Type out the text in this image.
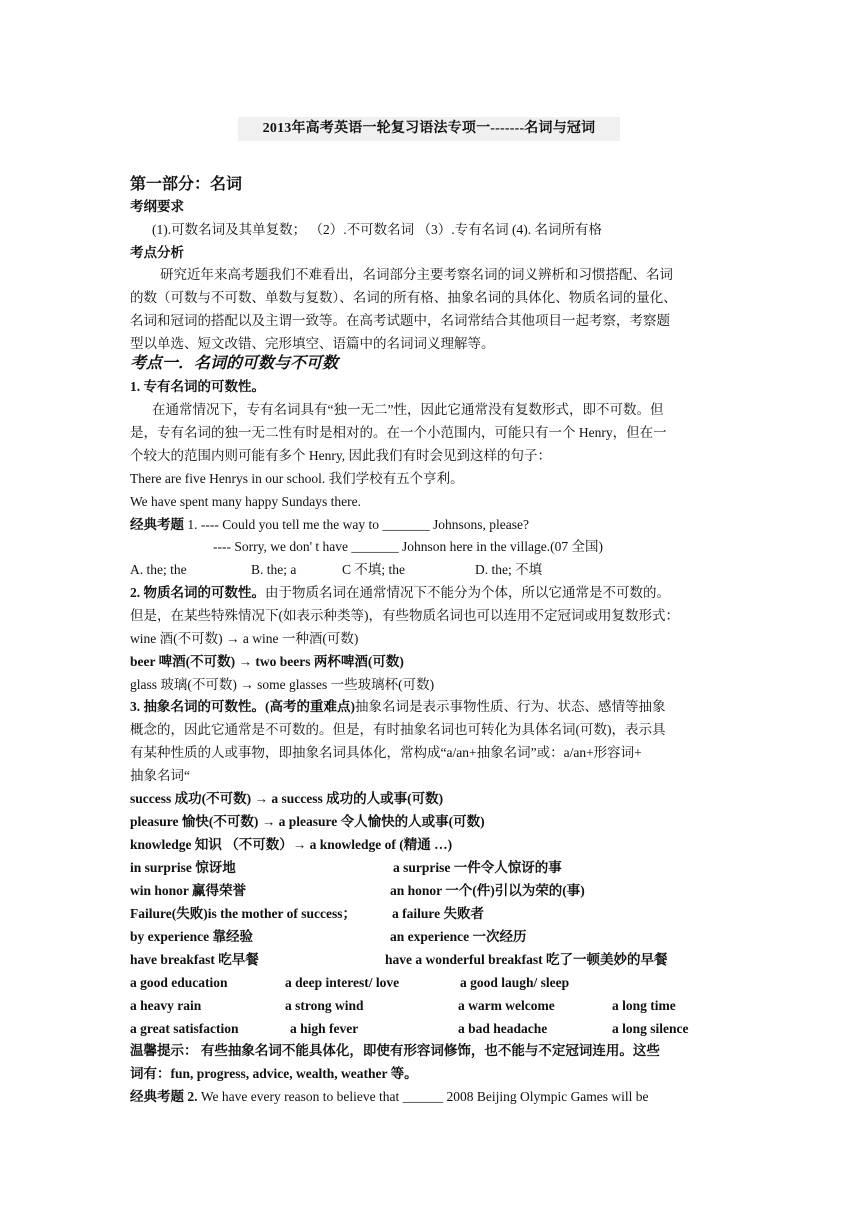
2013年高考英语一轮复习语法专项一-------名词与冠词
第一部分：名词
考纲要求
(1).可数名词及其单复数； （2）.不可数名词 （3）.专有名词 (4). 名词所有格
考点分析
研究近年来高考题我们不难看出，名词部分主要考察名词的词义辨析和习惯搭配、名词
的数（可数与不可数、单数与复数）、名词的所有格、抽象名词的具体化、物质名词的量化、
名词和冠词的搭配以及主谓一致等。在高考试题中，名词常结合其他项目一起考察，考察题
型以单选、短文改错、完形填空、语篇中的名词词义理解等。
考点一．名词的可数与不可数
1. 专有名词的可数性。
在通常情况下，专有名词具有“独一无二”性，因此它通常没有复数形式，即不可数。但
是，专有名词的独一无二性有时是相对的。在一个小范围内，可能只有一个 Henry，但在一
个较大的范围内则可能有多个 Henry, 因此我们有时会见到这样的句子：
There are five Henrys in our school. 我们学校有五个亨利。
We have spent many happy Sundays there.
经典考题 1. ---- Could you tell me the way to _______ Johnsons, please?
---- Sorry, we don' t have _______ Johnson here in the village.(07 全国)
A. the; the	B. the; a	C 不填; the	D. the; 不填
2. 物质名词的可数性。由于物质名词在通常情况下不能分为个体，所以它通常是不可数的。
但是，在某些特殊情况下(如表示种类等)，有些物质名词也可以连用不定冠词或用复数形式：
wine 酒(不可数) → a wine 一种酒(可数)
beer 啤酒(不可数) → two beers 两杯啤酒(可数)
glass 玻璃(不可数) → some glasses 一些玻璃杯(可数)
3. 抽象名词的可数性。(高考的重难点)抽象名词是表示事物性质、行为、状态、感情等抽象
概念的，因此它通常是不可数的。但是，有时抽象名词也可转化为具体名词(可数)，表示具
有某种性质的人或事物，即抽象名词具体化，常构成“a/an+抽象名词”或：a/an+形容词+
抽象名词“
success 成功(不可数) → a success 成功的人或事(可数)
pleasure 愉快(不可数) → a pleasure 令人愉快的人或事(可数)
knowledge 知识 （不可数）→ a knowledge of (精通 …)
in surprise 惊讶地	a surprise 一件令人惊讶的事
win honor 赢得荣誉	an honor 一个(件)引以为荣的(事)
Failure(失败)is the mother of success；	a failure 失败者
by experience 靠经验	an experience 一次经历
have breakfast 吃早餐	have a wonderful breakfast 吃了一顿美妙的早餐
a good education	a deep interest/ love	a good laugh/ sleep
a heavy rain	a strong wind	a warm welcome	a long time
a great satisfaction	a high fever	a bad headache	a long silence
温馨提示： 有些抽象名词不能具体化，即使有形容词修饰，也不能与不定冠词连用。这些
词有：fun, progress, advice, wealth, weather 等。
经典考题 2. We have every reason to believe that ______ 2008 Beijing Olympic Games will be
